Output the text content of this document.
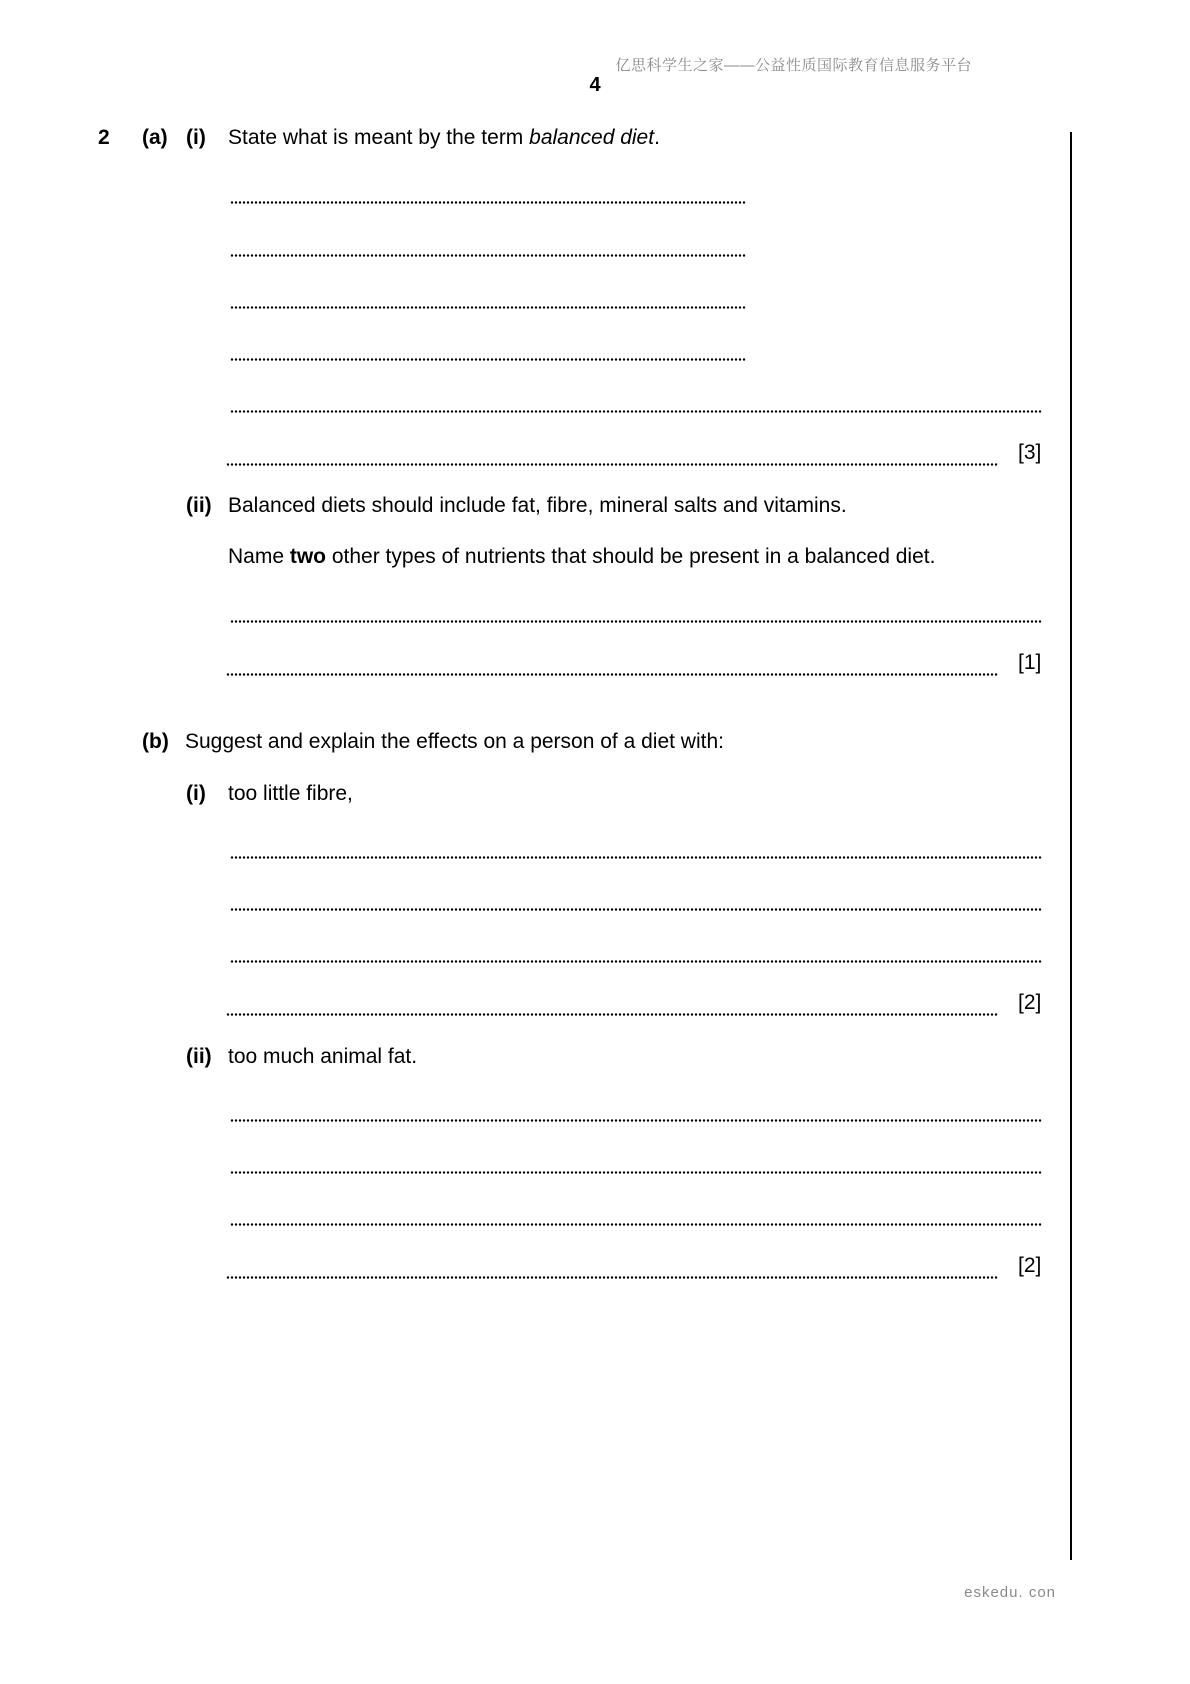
亿思科学生之家——公益性质国际教育信息服务平台
4
2 (a) (i) State what is meant by the term balanced diet.
[3]
(ii) Balanced diets should include fat, fibre, mineral salts and vitamins.
Name two other types of nutrients that should be present in a balanced diet.
[1]
(b) Suggest and explain the effects on a person of a diet with:
(i) too little fibre,
[2]
(ii) too much animal fat.
[2]
eskedu. con
